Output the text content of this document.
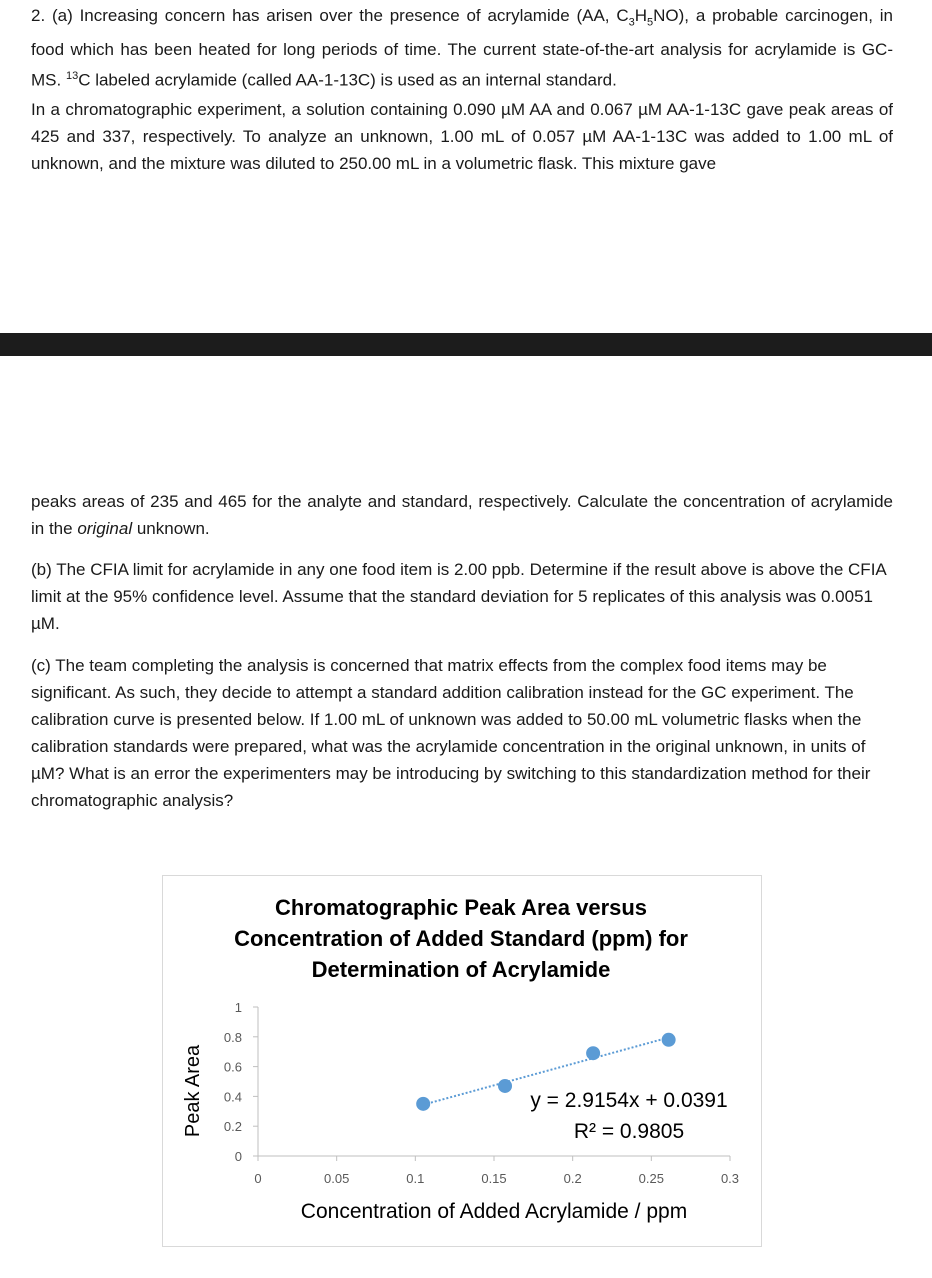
2. (a) Increasing concern has arisen over the presence of acrylamide (AA, $C_3H_5NO$), a probable carcinogen, in food which has been heated for long periods of time. The current state-of-the-art analysis for acrylamide is GC-MS. $^{13}$C labeled acrylamide (called AA-1-13C) is used as an internal standard.

In a chromatographic experiment, a solution containing 0.090 µM AA and 0.067 µM AA-1-13C gave peak areas of 425 and 337, respectively. To analyze an unknown, 1.00 mL of 0.057 µM AA-1-13C was added to 1.00 mL of unknown, and the mixture was diluted to 250.00 mL in a volumetric flask. This mixture gave

peaks areas of 235 and 465 for the analyte and standard, respectively. Calculate the concentration of acrylamide in the original unknown.

(b) The CFIA limit for acrylamide in any one food item is 2.00 ppb. Determine if the result above is above the CFIA limit at the 95% confidence level. Assume that the standard deviation for 5 replicates of this analysis was 0.0051 µM.

(c) The team completing the analysis is concerned that matrix effects from the complex food items may be significant. As such, they decide to attempt a standard addition calibration instead for the GC experiment. The calibration curve is presented below. If 1.00 mL of unknown was added to 50.00 mL volumetric flasks when the calibration standards were prepared, what was the acrylamide concentration in the original unknown, in units of µM? What is an error the experimenters may be introducing by switching to this standardization method for their chromatographic analysis?

Chromatographic Peak Area versus
Concentration of Added Standard (ppm) for
Determination of Acrylamide
0
0.2
0.4
0.6
0.8
1
0	0.05	0.1	0.15	0.2	0.25	0.3
Peak Area
Concentration of Added Acrylamide / ppm
y = 2.9154x + 0.0391
R² = 0.9805
